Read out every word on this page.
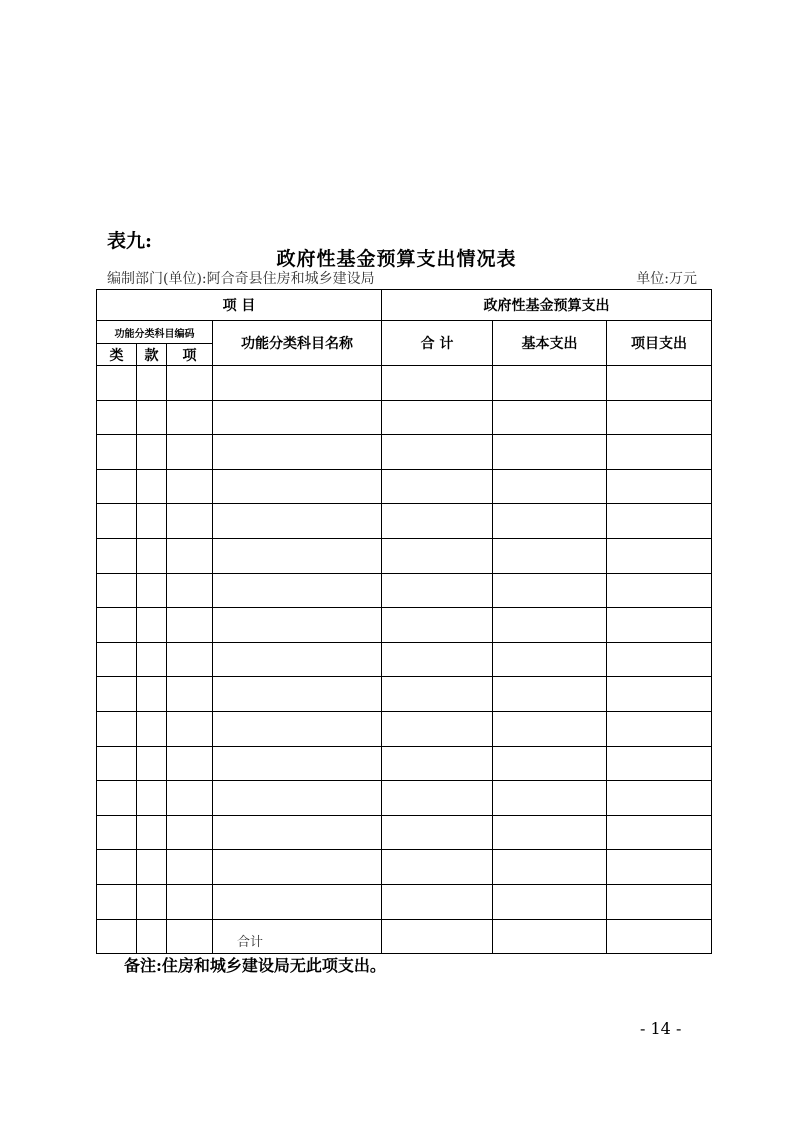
表九:
政府性基金预算支出情况表
编制部门(单位):阿合奇县住房和城乡建设局	单位:万元
项 目				政府性基金预算支出		
功能分类科目编码			功能分类科目名称	合 计	基本支出	项目支出
类	款	项				

			合计			
备注:住房和城乡建设局无此项支出。
- 14 -
